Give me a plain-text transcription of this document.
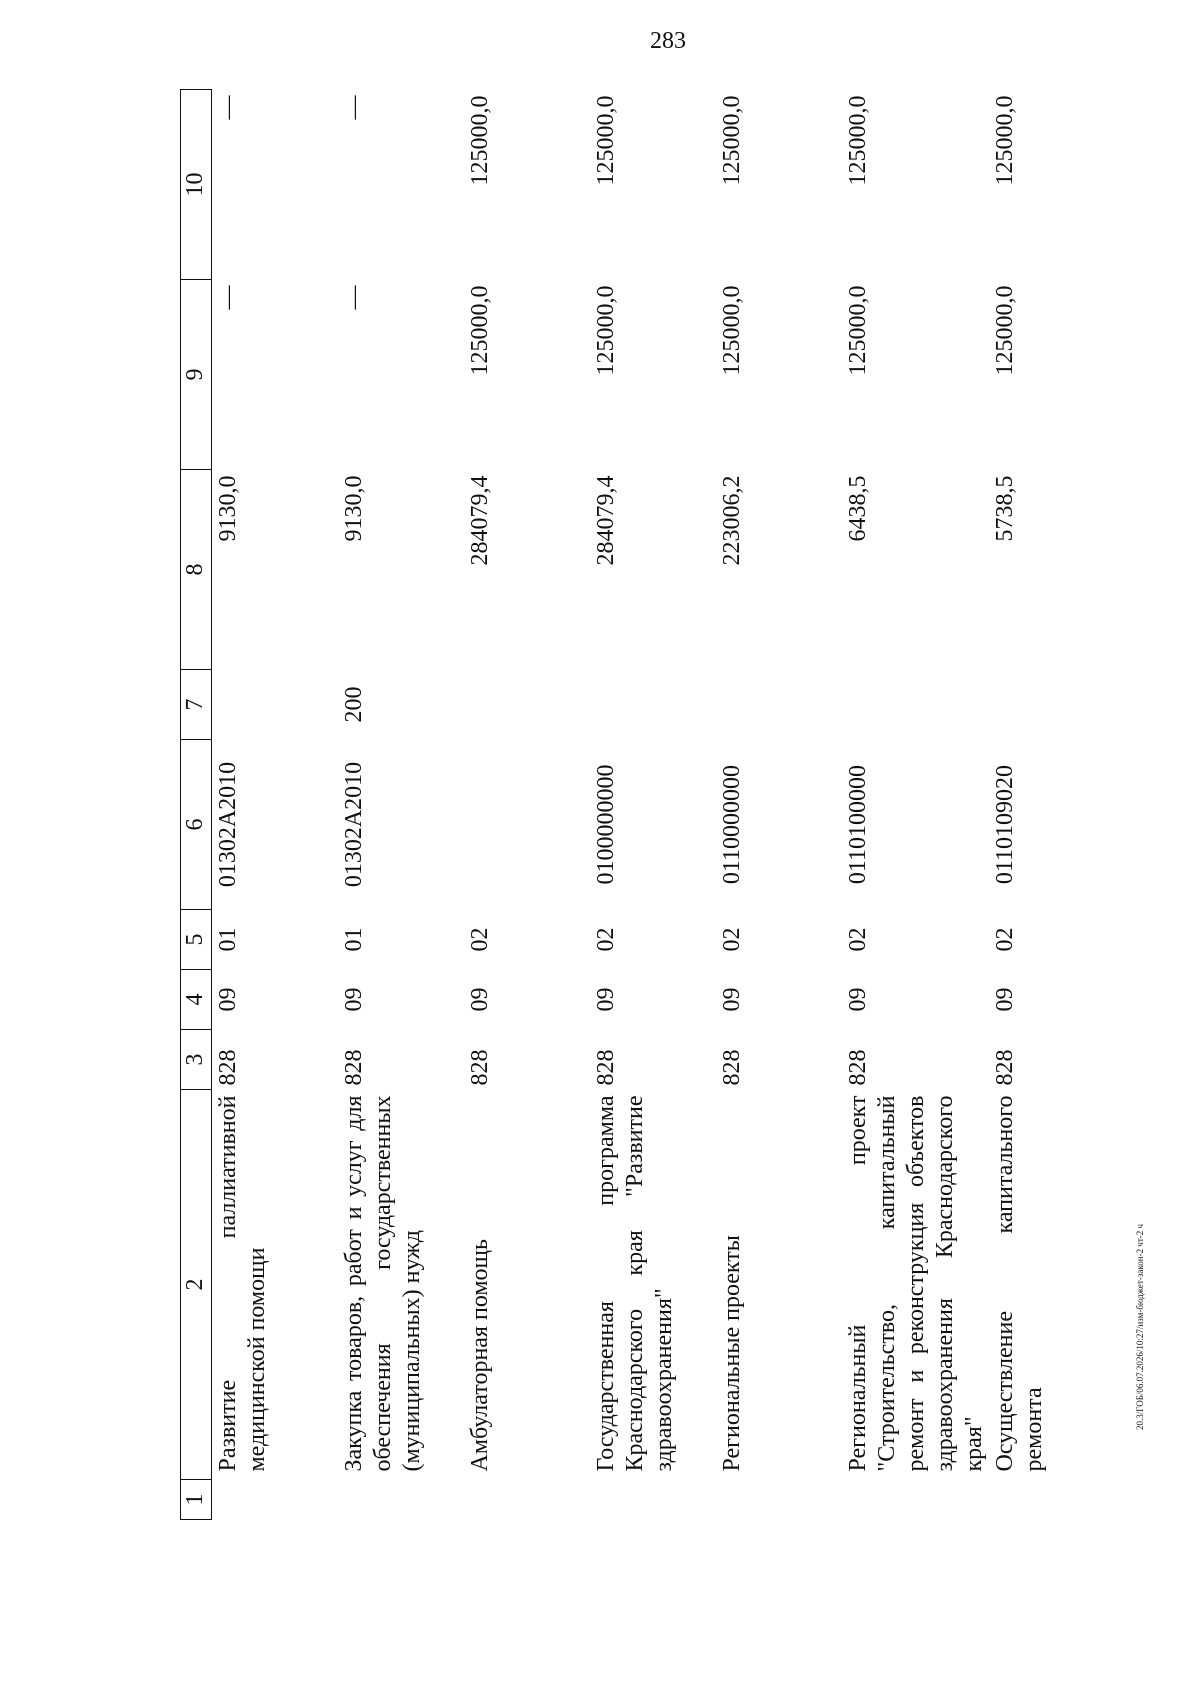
283
1	2	3	4	5	6	7	8	9	10
	Развитие паллиативной медицинской помощи	828	09	01	01302А2010		9130,0	—	—
	Закупка товаров, работ и услуг для обеспечения государственных (муниципальных) нужд	828	09	01	01302А2010	200	9130,0	—	—
	Амбулаторная помощь	828	09	02			284079,4	125000,0	125000,0
	Государственная программа Краснодарского края "Развитие здравоохранения"	828	09	02	0100000000		284079,4	125000,0	125000,0
	Региональные проекты	828	09	02	0110000000		223006,2	125000,0	125000,0
	Региональный проект "Строительство, капитальный ремонт и реконструкция объектов здравоохранения Краснодарского края"	828	09	02	0110100000		6438,5	125000,0	125000,0
	Осуществление капитального ремонта	828	09	02	0110109020		5738,5	125000,0	125000,0
20.3/ГОБ/06.07.2026/10:27/изм-бюджет-закон-2 чт-2 ч
